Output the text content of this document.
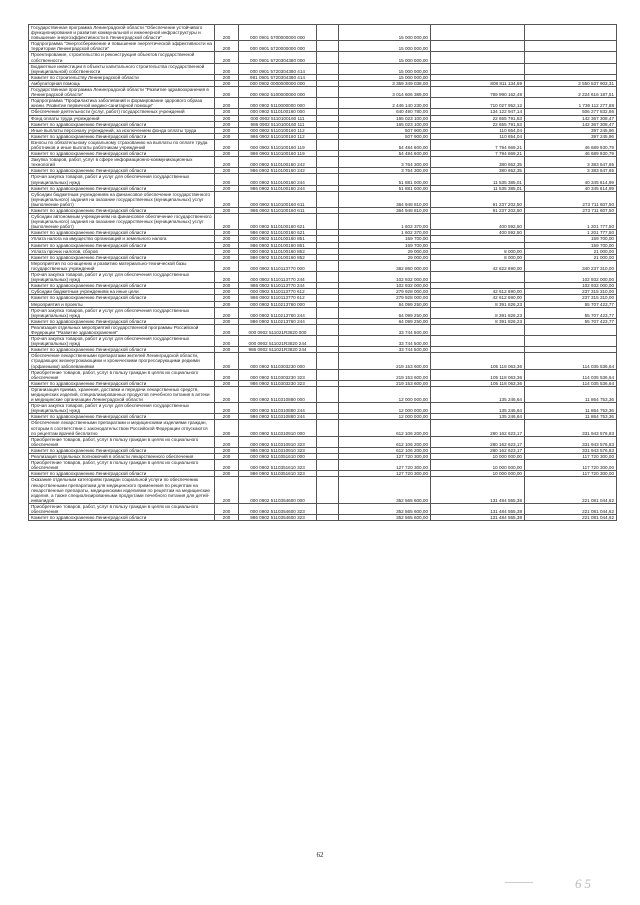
Государственная программа Ленинградской области "Обеспечение устойчивого функционирования и развития коммунальной и инженерной инфраструктуры и повышение энергоэффективности в Ленинградской области"	200	000 0901 5700000000 000		15 000 000,00		
Подпрограмма "Энергосбережение и повышение энергетической эффективности на территории Ленинградской области"	200	000 0901 5720000000 000		15 000 000,00		
Проектирование, строительство и реконструкция объектов государственной собственности	200	000 0901 5720304380 000		15 000 000,00		
Бюджетные инвестиции в объекты капитального строительства государственной (муниципальной) собственности	200	000 0901 5720304380 414		15 000 000,00		
Комитет по строительству Ленинградской области	200	981 0901 5720304380 414		15 000 000,00		
Амбулаторная помощь	200	000 0902 0000000000 000		3 359 349 038,00	808 811 134,69	2 550 537 903,31
Государственная программа Ленинградской области "Развитие здравоохранения в Ленинградской области"	200	000 0902 5100000000 000		3 014 606 389,00	789 990 162,49	2 224 616 187,51
Подпрограмма "Профилактика заболеваний и формирование здорового образа жизни. Развитие первичной медико-санитарной помощи"	200	000 0902 5110000000 000		2 446 140 230,00	710 027 952,12	1 736 112 277,88
Обеспечение деятельности (услуг, работ) государственных учреждений	200	000 0902 5110100160 000		640 490 780,00	134 122 947,14	506 277 832,86
Фонд оплаты труда учреждений	200	000 0902 5110100160 111		165 023 100,00	22 655 791,53	142 367 308,47
Комитет по здравоохранению Ленинградской области	200	986 0902 5110100160 111		165 023 100,00	22 655 791,53	142 367 308,47
Иные выплаты персоналу учреждений, за исключением фонда оплаты труда	200	000 0902 5110100160 112		507 900,00	110 654,04	397 245,96
Комитет по здравоохранению Ленинградской области	200	986 0902 5110100160 112		507 900,00	110 654,04	397 245,96
Взносы по обязательному социальному страхованию на выплаты по оплате труда работников и иные выплаты работникам учреждений	200	000 0902 5110100160 119		54 484 600,00	7 794 669,21	46 689 930,79
Комитет по здравоохранению Ленинградской области	200	986 0902 5110100160 119		54 484 600,00	7 794 669,21	46 689 930,79
Закупка товаров, работ, услуг в сфере информационно-коммуникационных технологий	200	000 0902 5110100160 242		3 764 300,00	380 652,35	3 383 647,65
Комитет по здравоохранению Ленинградской области	200	986 0902 5110100160 242		3 764 300,00	380 652,35	3 383 647,65
Прочая закупка товаров, работ и услуг для обеспечения государственных (муниципальных) нужд	200	000 0902 5110100160 244		51 881 000,00	11 535 385,01	40 345 614,99
Комитет по здравоохранению Ленинградской области	200	986 0902 5110100160 244		51 881 000,00	11 535 385,01	40 345 614,99
Субсидии бюджетным учреждениям на финансовое обеспечение государственного (муниципального) задания на оказание государственных (муниципальных) услуг (выполнение работ)	200	000 0902 5110100160 611		364 948 810,00	91 237 202,50	273 711 607,50
Комитет по здравоохранению Ленинградской области	200	986 0902 5110100160 611		364 948 810,00	91 237 202,50	273 711 607,50
Субсидии автономным учреждениям на финансовое обеспечение государственного (муниципального) задания на оказание государственных (муниципальных) услуг (выполнение работ)	200	000 0902 5110100160 621		1 602 370,00	400 592,50	1 201 777,50
Комитет по здравоохранению Ленинградской области	200	986 0902 5110100160 621		1 602 370,00	400 592,50	1 201 777,50
Уплата налога на имущество организаций и земельного налога	200	000 0902 5110100160 851		159 700,00		159 700,00
Комитет по здравоохранению Ленинградской области	200	986 0902 5110100160 851		159 700,00		159 700,00
Уплата прочих налогов, сборов	200	000 0902 5110100160 852		29 000,00	8 000,00	21 000,00
Комитет по здравоохранению Ленинградской области	200	986 0902 5110100160 852		29 000,00	8 000,00	21 000,00
Мероприятия по оснащению и развитию материально-технической базы государственных учреждений	200	000 0902 5110113770 000		382 860 000,00	42 622 690,00	340 237 310,00
Прочая закупка товаров, работ и услуг для обеспечения государственных (муниципальных) нужд	200	000 0902 5110113770 244		102 932 000,00		102 932 000,00
Комитет по здравоохранению Ленинградской области	200	986 0902 5110113770 244		102 932 000,00		102 932 000,00
Субсидии бюджетным учреждениям на иные цели	200	000 0902 5110113770 612		279 928 000,00	42 612 690,00	237 315 310,00
Комитет по здравоохранению Ленинградской области	200	986 0902 5110113770 612		279 928 000,00	42 612 690,00	237 315 310,00
Мероприятия и проекты	200	000 0902 5110213760 000		64 099 250,00	8 391 826,23	55 707 423,77
Прочая закупка товаров, работ и услуг для обеспечения государственных (муниципальных) нужд	200	000 0902 5110213760 244		64 099 250,00	8 391 826,23	55 707 423,77
Комитет по здравоохранению Ленинградской области	200	986 0902 5110213760 244		64 099 250,00	8 391 826,23	55 707 423,77
Реализация отдельных мероприятий государственной программы Российской Федерации "Развитие здравоохранения"	200	000 0902 511021R3820 000		33 744 500,00		
Прочая закупка товаров, работ и услуг для обеспечения государственных (муниципальных) нужд	200	000 0902 511021R3820 244		33 744 500,00		
Комитет по здравоохранению Ленинградской области	200	986 0902 511021R3820 244		33 744 500,00		
Обеспечение лекарственными препаратами жителей Ленинградской области, страдающих жизнеугрожающими и хроническими прогрессирующими редкими (орфанными) заболеваниями	200	000 0902 5110303230 000		219 153 600,00	105 118 063,36	114 035 536,64
Приобретение товаров, работ, услуг в пользу граждан в целях их социального обеспечения	200	000 0902 5110303230 323		219 153 600,00	105 118 063,36	114 035 536,64
Комитет по здравоохранению Ленинградской области	200	986 0902 5110303230 323		219 153 600,00	105 118 063,36	114 035 536,64
Организация приема, хранения, доставки и передачи лекарственных средств, медицинских изделий, специализированных продуктов лечебного питания в аптеки и медицинские организации Ленинградской области	200	000 0902 5110310880 000		12 000 000,00	135 246,64	11 864 753,36
Прочая закупка товаров, работ и услуг для обеспечения государственных (муниципальных) нужд	200	000 0902 5110310880 244		12 000 000,00	135 246,64	11 864 753,36
Комитет по здравоохранению Ленинградской области	200	986 0902 5110310880 244		12 000 000,00	135 246,64	11 864 753,36
Обеспечение лекарственными препаратами и медицинскими изделиями граждан, которым в соответствии с законодательством Российской Федерации отпускаются по рецептам врачей бесплатно	200	000 0902 5110310910 000		612 106 200,00	280 162 623,17	331 943 576,83
Приобретение товаров, работ, услуг в пользу граждан в целях их социального обеспечения	200	000 0902 5110310910 323		612 106 200,00	280 162 623,17	331 943 576,83
Комитет по здравоохранению Ленинградской области	200	986 0902 5110310910 323		612 106 200,00	280 162 623,17	331 943 576,83
Реализация отдельных полномочий в области лекарственного обеспечения	200	000 0902 5110351610 000		127 720 300,00	10 000 000,00	117 720 300,00
Приобретение товаров, работ, услуг в пользу граждан в целях их социального обеспечения	200	000 0902 5110351610 323		127 720 300,00	10 000 000,00	117 720 300,00
Комитет по здравоохранению Ленинградской области	200	986 0902 5110351610 323		127 720 300,00	10 000 000,00	117 720 300,00
Оказание отдельным категориям граждан социальной услуги по обеспечению лекарственными препаратами для медицинского применения по рецептам на лекарственные препараты, медицинскими изделиями по рецептам на медицинские изделия, а также специализированными продуктами лечебного питания для детей-инвалидов	200	000 0902 5110354600 000		352 565 600,00	131 484 555,38	221 081 044,62
Приобретение товаров, работ, услуг в пользу граждан в целях их социального обеспечения	200	000 0902 5110354600 323		352 565 600,00	131 484 555,38	221 081 044,62
Комитет по здравоохранению Ленинградской области	200	986 0902 5110354600 323		352 565 600,00	131 484 555,38	221 081 044,62
62
65
